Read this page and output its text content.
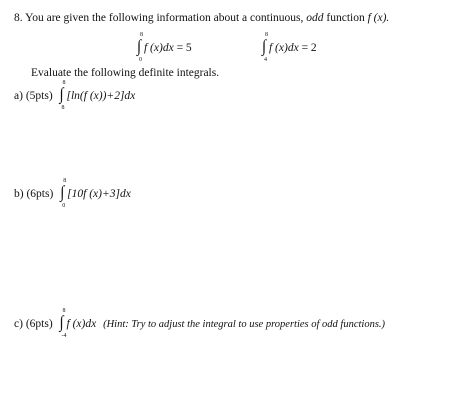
8. You are given the following information about a continuous, odd function f (x).
8
∫
0
f (x)dx = 5
8
∫
4
f (x)dx = 2
Evaluate the following definite integrals.
a) (5pts)
8
∫
8
[ln(f (x))+2]dx
b) (6pts)
8
∫
0
[10f (x)+3]dx
c) (6pts)
8
∫
-4
f (x)dx (Hint: Try to adjust the integral to use properties of odd functions.)
